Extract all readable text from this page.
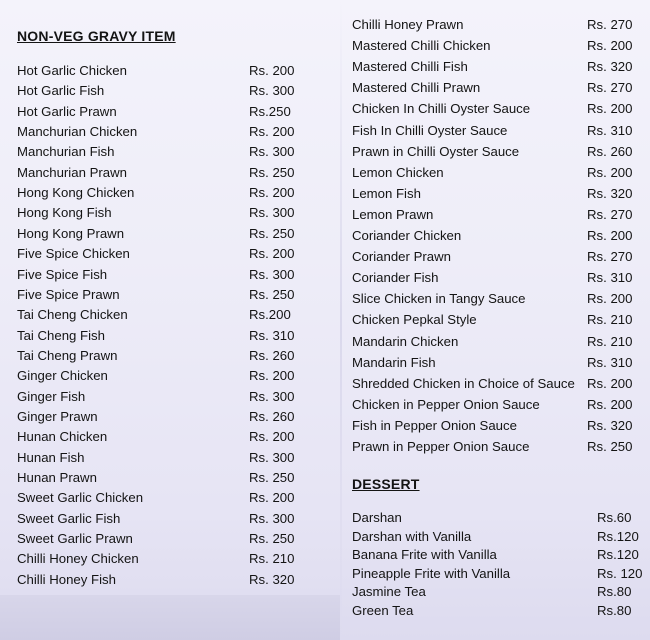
NON-VEG GRAVY ITEM
Hot Garlic Chicken	Rs. 200
Hot Garlic Fish	Rs. 300
Hot Garlic Prawn	Rs.250
Manchurian Chicken	Rs. 200
Manchurian Fish	Rs. 300
Manchurian Prawn	Rs. 250
Hong Kong Chicken	Rs. 200
Hong Kong Fish	Rs. 300
Hong Kong Prawn	Rs. 250
Five Spice Chicken	Rs. 200
Five Spice Fish	Rs. 300
Five Spice Prawn	Rs. 250
Tai Cheng Chicken	Rs.200
Tai Cheng Fish	Rs. 310
Tai Cheng Prawn	Rs. 260
Ginger Chicken	Rs. 200
Ginger Fish	Rs. 300
Ginger Prawn	Rs. 260
Hunan Chicken	Rs. 200
Hunan Fish	Rs. 300
Hunan Prawn	Rs. 250
Sweet Garlic Chicken	Rs. 200
Sweet Garlic Fish	Rs. 300
Sweet Garlic Prawn	Rs. 250
Chilli Honey Chicken	Rs. 210
Chilli Honey Fish	Rs. 320
Chilli Honey Prawn	Rs. 270
Mastered Chilli Chicken	Rs. 200
Mastered Chilli Fish	Rs. 320
Mastered Chilli Prawn	Rs. 270
Chicken In Chilli Oyster Sauce	Rs. 200
Fish In Chilli Oyster Sauce	Rs. 310
Prawn in Chilli Oyster Sauce	Rs. 260
Lemon Chicken	Rs. 200
Lemon Fish	Rs. 320
Lemon Prawn	Rs. 270
Coriander Chicken	Rs. 200
Coriander Prawn	Rs. 270
Coriander Fish	Rs. 310
Slice Chicken in Tangy Sauce	Rs. 200
Chicken Pepkal Style	Rs. 210
Mandarin Chicken	Rs. 210
Mandarin Fish	Rs. 310
Shredded Chicken in Choice of Sauce Rs. 200
Chicken in Pepper Onion Sauce	Rs. 200
Fish in Pepper Onion Sauce	Rs. 320
Prawn in Pepper Onion Sauce	Rs. 250
DESSERT
Darshan	Rs.60
Darshan with Vanilla	Rs.120
Banana Frite with Vanilla	Rs.120
Pineapple Frite with Vanilla	Rs. 120
Jasmine Tea	Rs.80
Green Tea	Rs.80
